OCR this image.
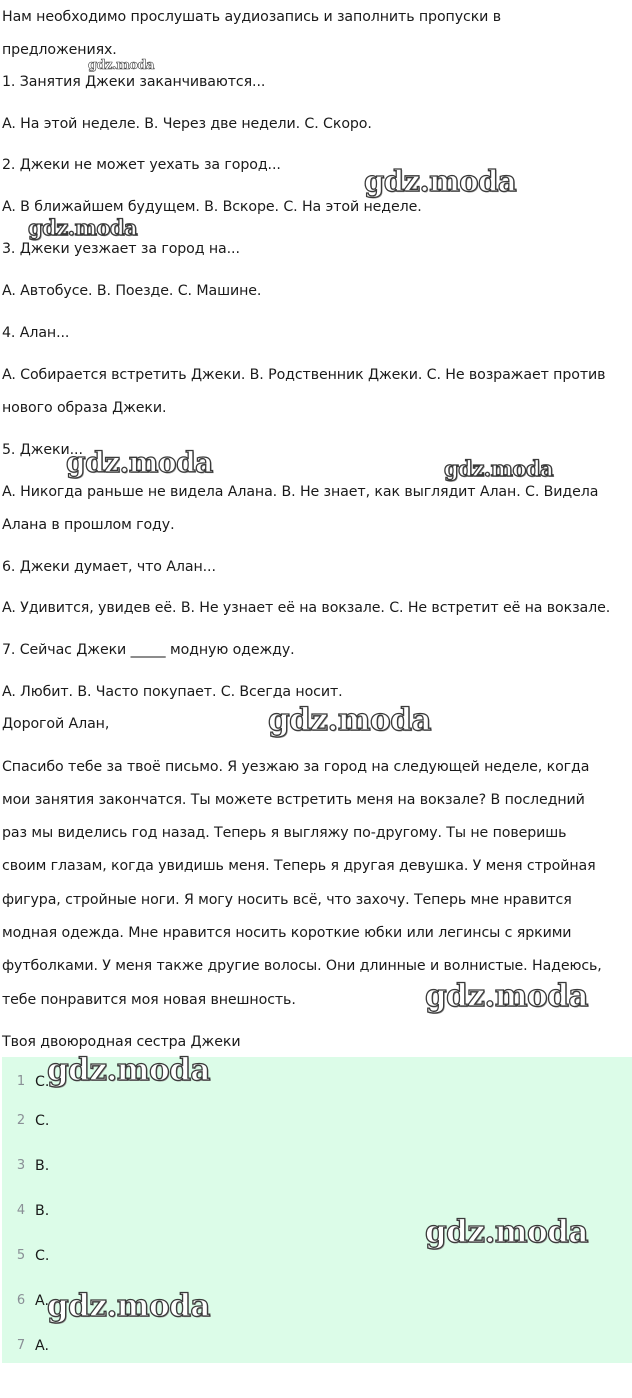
Нам необходимо прослушать аудиозапись и заполнить пропуски в
предложениях.
1. Занятия Джеки заканчиваются...
A. На этой неделе. B. Через две недели. C. Скоро.
2. Джеки не может уехать за город...
A. В ближайшем будущем. B. Вскоре. C. На этой неделе.
3. Джеки уезжает за город на...
A. Автобусе. B. Поезде. C. Машине.
4. Алан...
A. Собирается встретить Джеки. B. Родственник Джеки. C. Не возражает против
нового образа Джеки.
5. Джеки...
A. Никогда раньше не видела Алана. B. Не знает, как выглядит Алан. C. Видела
Алана в прошлом году.
6. Джеки думает, что Алан...
A. Удивится, увидев её. B. Не узнает её на вокзале. C. Не встретит её на вокзале.
7. Сейчас Джеки _____ модную одежду.
A. Любит. B. Часто покупает. C. Всегда носит.
Дорогой Алан,
Спасибо тебе за твоё письмо. Я уезжаю за город на следующей неделе, когда
мои занятия закончатся. Ты можете встретить меня на вокзале? В последний
раз мы виделись год назад. Теперь я выгляжу по-другому. Ты не поверишь
своим глазам, когда увидишь меня. Теперь я другая девушка. У меня стройная
фигура, стройные ноги. Я могу носить всё, что захочу. Теперь мне нравится
модная одежда. Мне нравится носить короткие юбки или легинсы с яркими
футболками. У меня также другие волосы. Они длинные и волнистые. Надеюсь,
тебе понравится моя новая внешность.
Твоя двоюродная сестра Джеки
1 C.
2 C.
3 B.
4 B.
5 C.
6 A.
7 A.
gdz.moda
gdz.moda
gdz.moda
gdz.moda	gdz.moda
gdz.moda
gdz.moda
gdz.moda
gdz.moda
gdz.moda
